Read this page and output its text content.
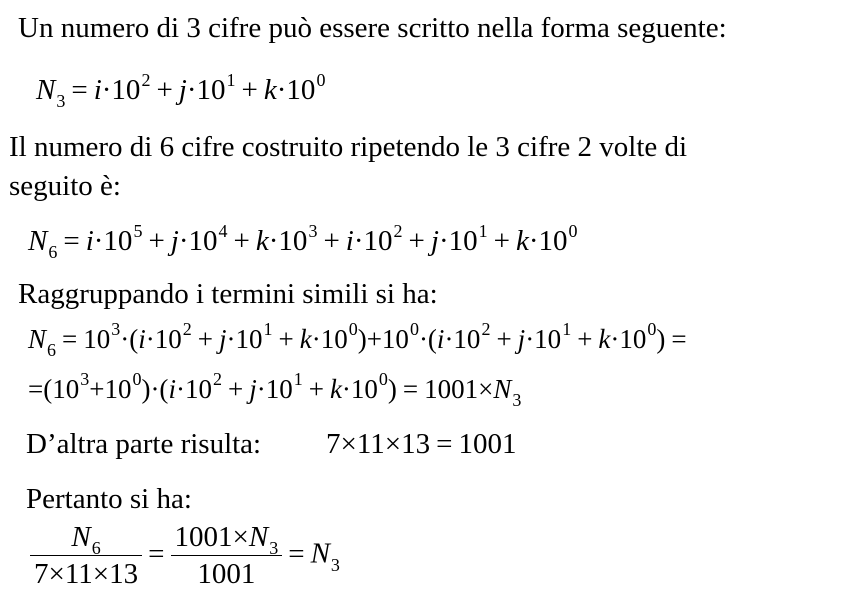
Un numero di 3 cifre può essere scritto nella forma seguente:
$N_3 = i\cdot 10^2 + j\cdot 10^1 + k\cdot 10^0$
Il numero di 6 cifre costruito ripetendo le 3 cifre 2 volte di
seguito è:
$N_6 = i\cdot 10^5 + j\cdot 10^4 + k\cdot 10^3 + i\cdot 10^2 + j\cdot 10^1 + k\cdot 10^0$
Raggruppando i termini simili si ha:
$N_6 = 10^3\cdot(i\cdot 10^2 + j\cdot 10^1 + k\cdot 10^0)+10^0\cdot(i\cdot 10^2 + j\cdot 10^1 + k\cdot 10^0)$ =
$=(10^3+10^0)\cdot(i\cdot 10^2 + j\cdot 10^1 + k\cdot 10^0) = 1001\times N_3$
D’altra parte risulta: 7×11×13 = 1001
Pertanto si ha:
$\frac{N_6}{7\times 11\times 13} = \frac{1001\times N_3}{1001} = N_3$
